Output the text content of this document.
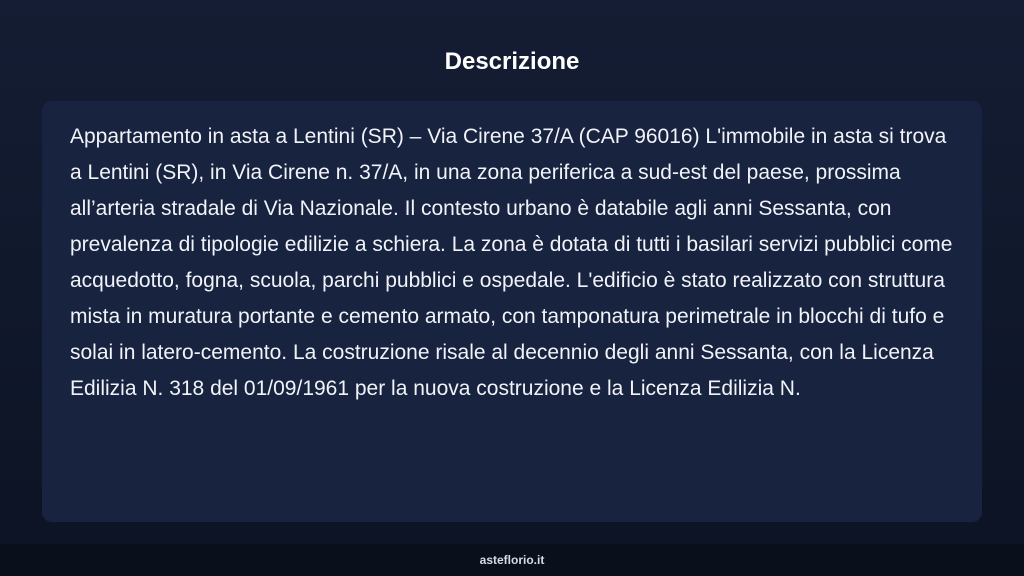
Descrizione

Appartamento in asta a Lentini (SR) – Via Cirene 37/A (CAP 96016) L'immobile in asta si trova a Lentini (SR), in Via Cirene n. 37/A, in una zona periferica a sud-est del paese, prossima all’arteria stradale di Via Nazionale. Il contesto urbano è databile agli anni Sessanta, con prevalenza di tipologie edilizie a schiera. La zona è dotata di tutti i basilari servizi pubblici come acquedotto, fogna, scuola, parchi pubblici e ospedale. L'edificio è stato realizzato con struttura mista in muratura portante e cemento armato, con tamponatura perimetrale in blocchi di tufo e solai in latero-cemento. La costruzione risale al decennio degli anni Sessanta, con la Licenza Edilizia N. 318 del 01/09/1961 per la nuova costruzione e la Licenza Edilizia N.

asteflorio.it
